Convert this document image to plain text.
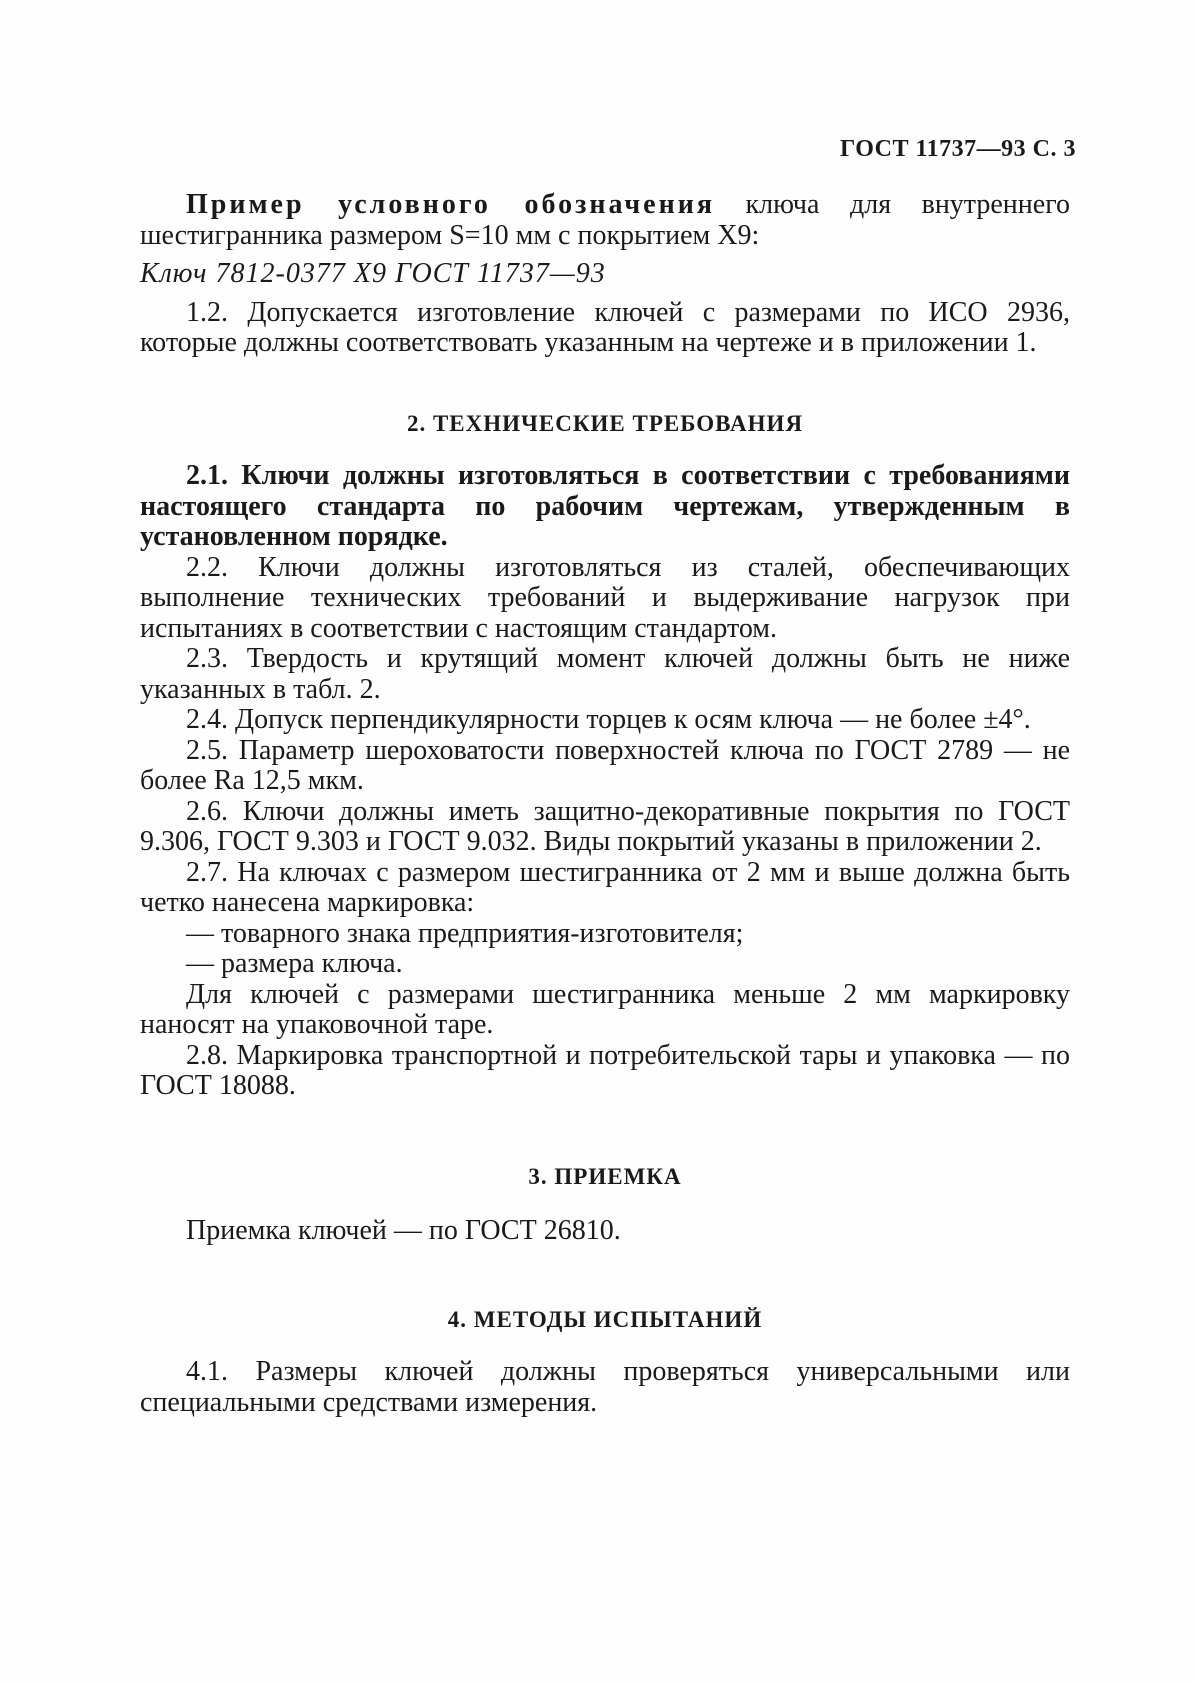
ГОСТ 11737—93 С. 3

Пример условного обозначения ключа для внутреннего шестигранника размером S=10 мм с покрытием X9:

Ключ 7812-0377 X9 ГОСТ 11737—93

1.2. Допускается изготовление ключей с размерами по ИСО 2936, которые должны соответствовать указанным на чертеже и в приложении 1.

2. ТЕХНИЧЕСКИЕ ТРЕБОВАНИЯ

2.1. Ключи должны изготовляться в соответствии с требованиями настоящего стандарта по рабочим чертежам, утвержденным в установленном порядке.

2.2. Ключи должны изготовляться из сталей, обеспечивающих выполнение технических требований и выдерживание нагрузок при испытаниях в соответствии с настоящим стандартом.

2.3. Твердость и крутящий момент ключей должны быть не ниже указанных в табл. 2.

2.4. Допуск перпендикулярности торцев к осям ключа — не более ±4°.

2.5. Параметр шероховатости поверхностей ключа по ГОСТ 2789 — не более Ra 12,5 мкм.

2.6. Ключи должны иметь защитно-декоративные покрытия по ГОСТ 9.306, ГОСТ 9.303 и ГОСТ 9.032. Виды покрытий указаны в приложении 2.

2.7. На ключах с размером шестигранника от 2 мм и выше должна быть четко нанесена маркировка:

— товарного знака предприятия-изготовителя;

— размера ключа.

Для ключей с размерами шестигранника меньше 2 мм маркировку наносят на упаковочной таре.

2.8. Маркировка транспортной и потребительской тары и упаковка — по ГОСТ 18088.

3. ПРИЕМКА

Приемка ключей — по ГОСТ 26810.

4. МЕТОДЫ ИСПЫТАНИЙ

4.1. Размеры ключей должны проверяться универсальными или специальными средствами измерения.
